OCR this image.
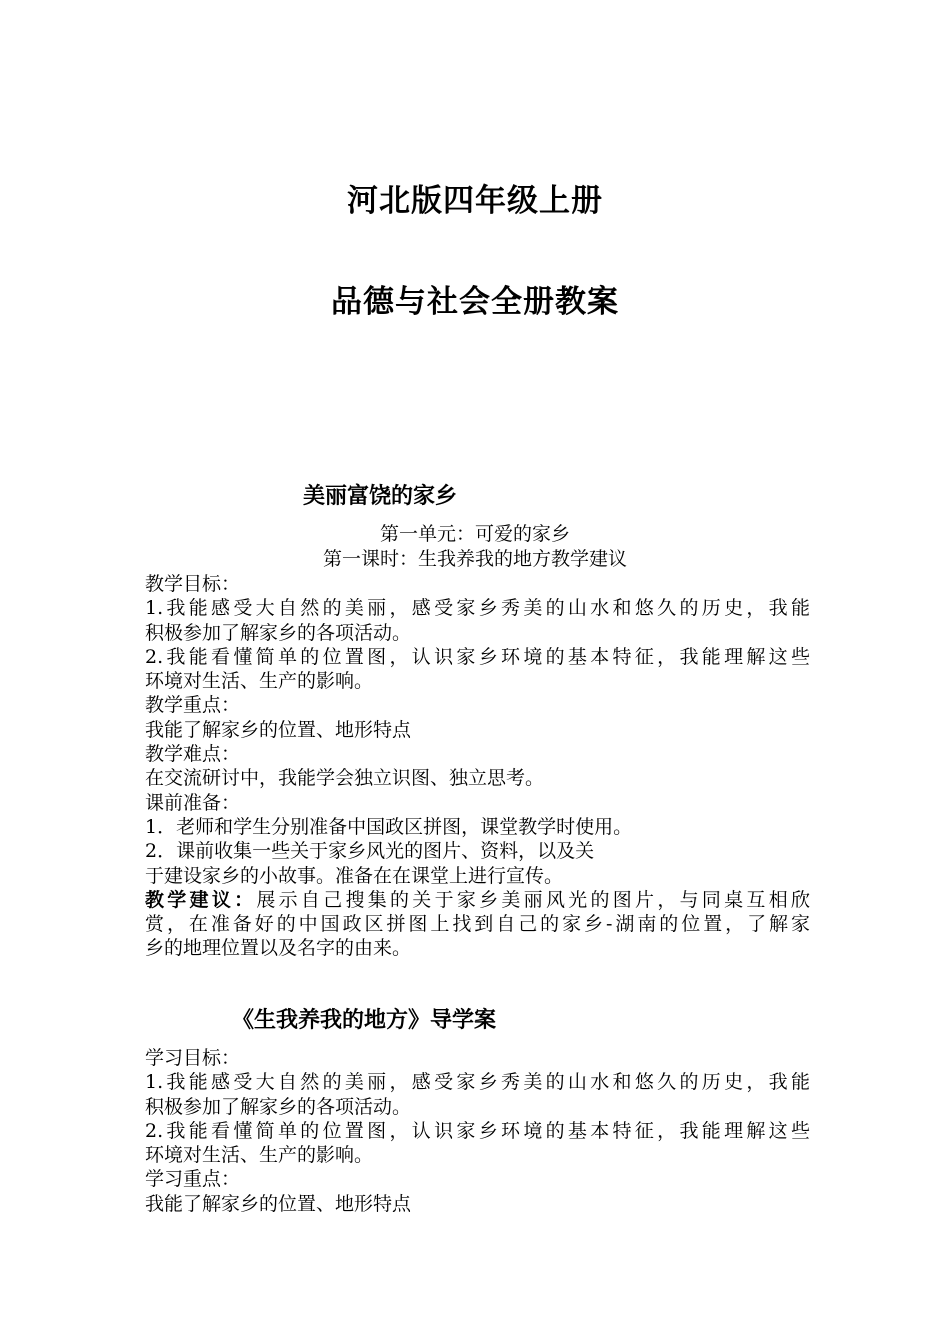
河北版四年级上册
品德与社会全册教案
美丽富饶的家乡
第一单元：可爱的家乡
第一课时：生我养我的地方教学建议
教学目标：
1.我能感受大自然的美丽，感受家乡秀美的山水和悠久的历史，我能
积极参加了解家乡的各项活动。
2.我能看懂简单的位置图，认识家乡环境的基本特征，我能理解这些
环境对生活、生产的影响。
教学重点：
我能了解家乡的位置、地形特点
教学难点：
在交流研讨中，我能学会独立识图、独立思考。
课前准备：
1．老师和学生分别准备中国政区拼图，课堂教学时使用。
2．课前收集一些关于家乡风光的图片、资料，以及关
于建设家乡的小故事。准备在在课堂上进行宣传。
教学建议：展示自己搜集的关于家乡美丽风光的图片，与同桌互相欣
赏，在准备好的中国政区拼图上找到自己的家乡-湖南的位置，了解家
乡的地理位置以及名字的由来。
《生我养我的地方》导学案
学习目标：
1.我能感受大自然的美丽，感受家乡秀美的山水和悠久的历史，我能
积极参加了解家乡的各项活动。
2.我能看懂简单的位置图，认识家乡环境的基本特征，我能理解这些
环境对生活、生产的影响。
学习重点：
我能了解家乡的位置、地形特点
